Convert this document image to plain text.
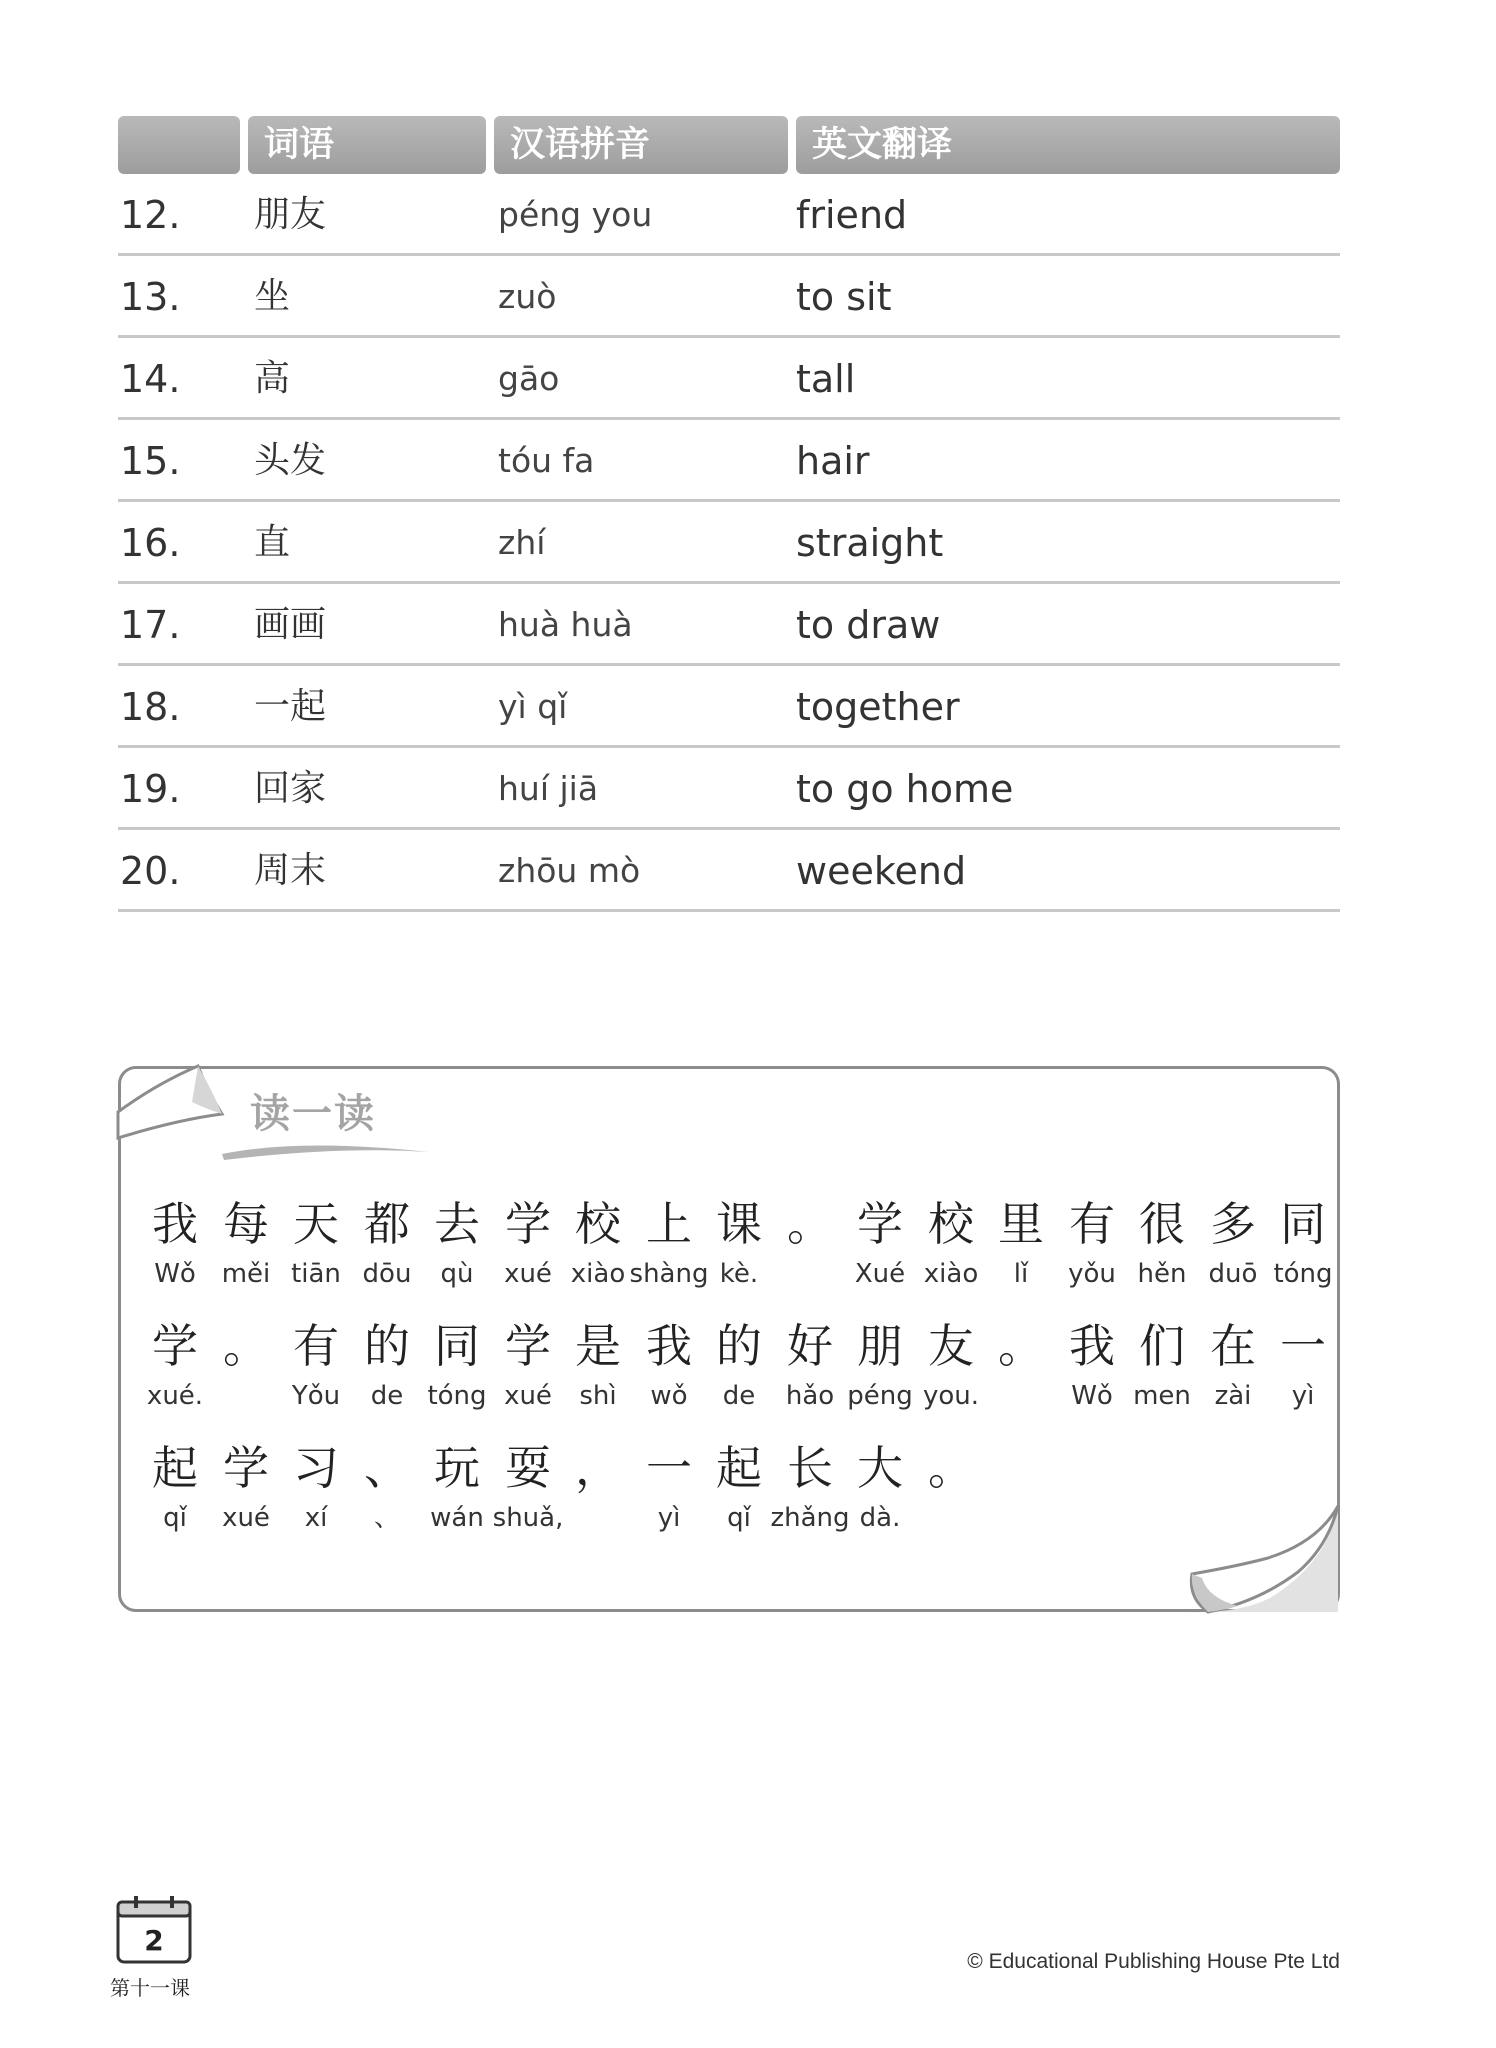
词语	汉语拼音	英文翻译
12. 朋友	péng you	friend
13. 坐	zuò	to sit
14. 高	gāo	tall
15. 头发	tóu fa	hair
16. 直	zhí	straight
17. 画画	huà huà	to draw
18. 一起	yì qǐ	together
19. 回家	huí jiā	to go home
20. 周末	zhōu mò	weekend
读一读
我
Wǒ
每
měi
天
tiān
都
dōu
去
qù
学
xué
校
xiào
上
shàng
课
kè.
。 学
Xué
校
xiào
里
lǐ
有
yǒu
很
hěn
多
duō
同
tóng
学
xué.
。 有
Yǒu
的
de
同
tóng
学
xué
是
shì
我
wǒ
的
de
好
hǎo
朋
péng
友
you.
。 我
Wǒ
们
men
在
zài
一
yì
起
qǐ
学
xué
习
xí
、
、
玩
wán
耍
shuǎ,
， 一
yì
起
qǐ
长
zhǎng
大
dà.
。
2
第十一课
© Educational Publishing House Pte Ltd
